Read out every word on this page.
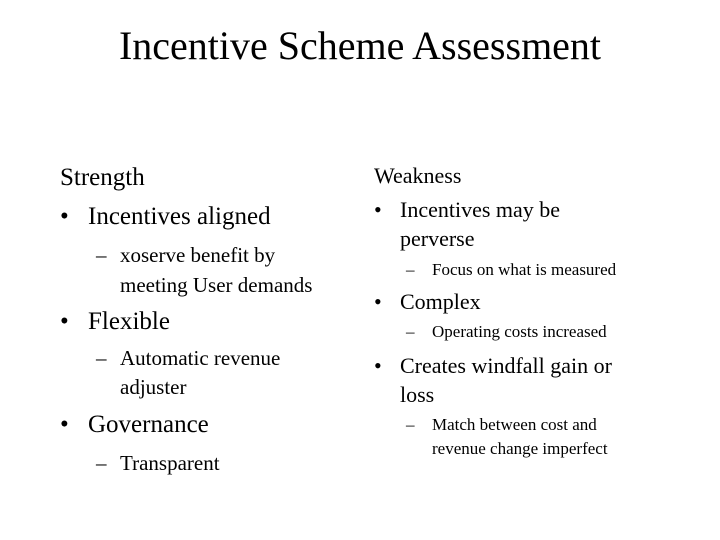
Incentive Scheme Assessment
Strength
• Incentives aligned
– xoserve benefit by
meeting User demands
• Flexible
– Automatic revenue
adjuster
• Governance
– Transparent
Weakness
• Incentives may be
perverse
– Focus on what is measured
• Complex
– Operating costs increased
• Creates windfall gain or
loss
– Match between cost and
revenue change imperfect
